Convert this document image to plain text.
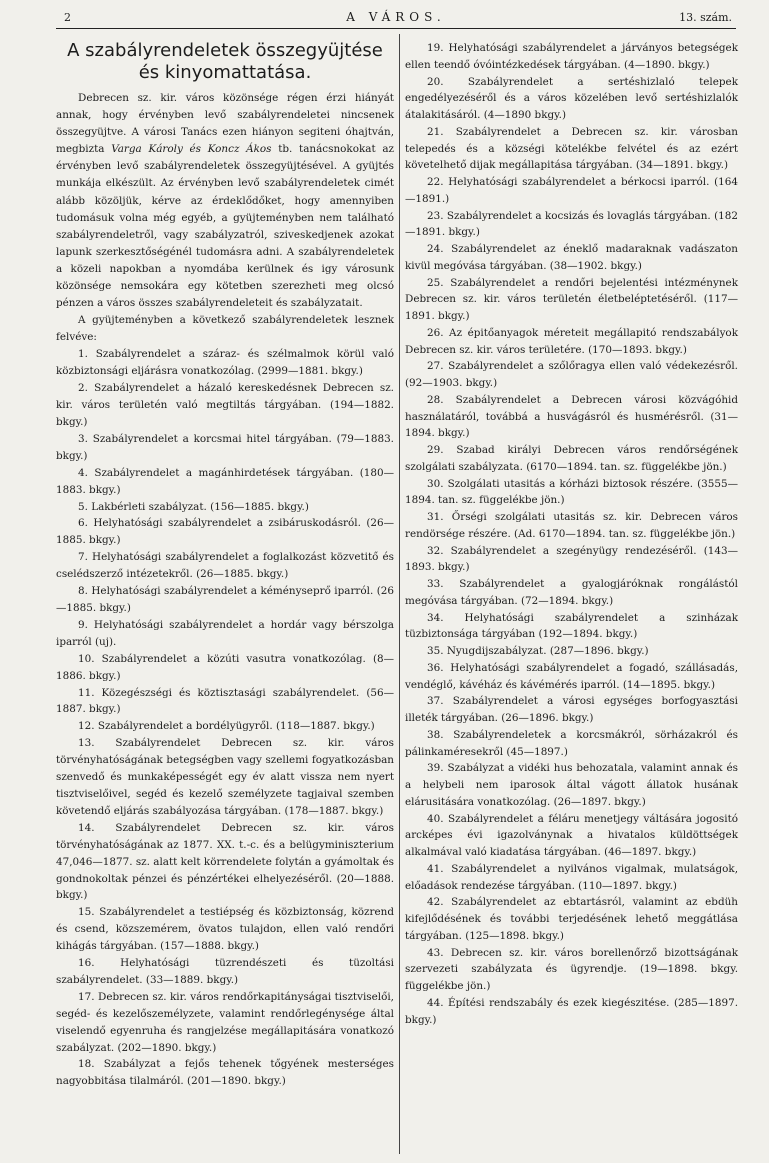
2	A VÁROS.	13. szám.
A szabályrendeletek összegyüjtése és kinyomattatása.

Debrecen sz. kir. város közönsége régen érzi hiányát annak, hogy érvényben levő szabályrendeletei nincsenek összegyüjtve. A városi Tanács ezen hiányon segiteni óhajtván, megbizta Varga Károly és Koncz Ákos tb. tanácsnokokat az érvényben levő szabályrendeletek összegyüjtésével. A gyüjtés munkája elkészült. Az érvényben levő szabályrendeletek cimét alább közöljük, kérve az érdeklődőket, hogy amennyiben tudomásuk volna még egyéb, a gyüjteményben nem található szabályrendeletről, vagy szabályzatról, sziveskedjenek azokat lapunk szerkesztőségénél tudomásra adni. A szabályrendeletek a közeli napokban a nyomdába kerülnek és igy városunk közönsége nemsokára egy kötetben szerezheti meg olcsó pénzen a város összes szabályrendeleteit és szabályzatait.

A gyüjteményben a következő szabályrendeletek lesznek felvéve:

1. Szabályrendelet a száraz- és szélmalmok körül való közbiztonsági eljárásra vonatkozólag. (2999—1881. bkgy.)

2. Szabályrendelet a házaló kereskedésnek Debrecen sz. kir. város területén való megtiltás tárgyában. (194—1882. bkgy.)

3. Szabályrendelet a korcsmai hitel tárgyában. (79—1883. bkgy.)

4. Szabályrendelet a magánhirdetések tárgyában. (180—1883. bkgy.)

5. Lakbérleti szabályzat. (156—1885. bkgy.)

6. Helyhatósági szabályrendelet a zsibáruskodásról. (26—1885. bkgy.)

7. Helyhatósági szabályrendelet a foglalkozást közvetitő és cselédszerző intézetekről. (26—1885. bkgy.)

8. Helyhatósági szabályrendelet a kéményseprő iparról. (26—1885. bkgy.)

9. Helyhatósági szabályrendelet a hordár vagy bérszolga iparról (uj).

10. Szabályrendelet a közúti vasutra vonatkozólag. (8—1886. bkgy.)

11. Közegészségi és köztisztasági szabályrendelet. (56—1887. bkgy.)

12. Szabályrendelet a bordélyügyről. (118—1887. bkgy.)

13. Szabályrendelet Debrecen sz. kir. város törvényhatóságának betegségben vagy szellemi fogyatkozásban szenvedő és munkaképességét egy év alatt vissza nem nyert tisztviselőivel, segéd és kezelő személyzete tagjaival szemben követendő eljárás szabályozása tárgyában. (178—1887. bkgy.)

14. Szabályrendelet Debrecen sz. kir. város törvényhatóságának az 1877. XX. t.-c. és a belügyminiszterium 47,046—1877. sz. alatt kelt körrendelete folytán a gyámoltak és gondnokoltak pénzei és pénzértékei elhelyezéséről. (20—1888. bkgy.)

15. Szabályrendelet a testiépség és közbiztonság, közrend és csend, közszemérem, övatos tulajdon, ellen való rendőri kihágás tárgyában. (157—1888. bkgy.)

16. Helyhatósági tüzrendészeti és tüzoltási szabályrendelet. (33—1889. bkgy.)

17. Debrecen sz. kir. város rendőrkapitányságai tisztviselői, segéd- és kezelőszemélyzete, valamint rendőrlegénysége által viselendő egyenruha és rangjelzése megállapitására vonatkozó szabályzat. (202—1890. bkgy.)

18. Szabályzat a fejős tehenek tőgyének mesterséges nagyobbitása tilalmáról. (201—1890. bkgy.)

19. Helyhatósági szabályrendelet a járványos betegségek ellen teendő óvóintézkedések tárgyában. (4—1890. bkgy.)

20. Szabályrendelet a sertéshizlaló telepek engedélyezéséről és a város közelében levő sertéshizlalók átalakitásáról. (4—1890 bkgy.)

21. Szabályrendelet a Debrecen sz. kir. városban telepedés és a községi kötelékbe felvétel és az ezért követelhető dijak megállapitása tárgyában. (34—1891. bkgy.)

22. Helyhatósági szabályrendelet a bérkocsi iparról. (164—1891.)

23. Szabályrendelet a kocsizás és lovaglás tárgyában. (182—1891. bkgy.)

24. Szabályrendelet az éneklő madaraknak vadászaton kivül megóvása tárgyában. (38—1902. bkgy.)

25. Szabályrendelet a rendőri bejelentési intézménynek Debrecen sz. kir. város területén életbeléptetéséről. (117—1891. bkgy.)

26. Az épitőanyagok méreteit megállapitó rendszabályok Debrecen sz. kir. város területére. (170—1893. bkgy.)

27. Szabályrendelet a szőlőragya ellen való védekezésről. (92—1903. bkgy.)

28. Szabályrendelet a Debrecen városi közvágóhid használatáról, továbbá a husvágásról és husmérésről. (31—1894. bkgy.)

29. Szabad királyi Debrecen város rendőrségének szolgálati szabályzata. (6170—1894. tan. sz. függelékbe jön.)

30. Szolgálati utasitás a kórházi biztosok részére. (3555—1894. tan. sz. függelékbe jön.)

31. Őrségi szolgálati utasitás sz. kir. Debrecen város rendörsége részére. (Ad. 6170—1894. tan. sz. függelékbe jön.)

32. Szabályrendelet a szegényügy rendezéséről. (143—1893. bkgy.)

33. Szabályrendelet a gyalogjáróknak rongálástól megóvása tárgyában. (72—1894. bkgy.)

34. Helyhatósági szabályrendelet a szinházak tüzbiztonsága tárgyában (192—1894. bkgy.)

35. Nyugdijszabályzat. (287—1896. bkgy.)

36. Helyhatósági szabályrendelet a fogadó, szállásadás, vendéglő, kávéház és kávémérés iparról. (14—1895. bkgy.)

37. Szabályrendelet a városi egységes borfogyasztási illeték tárgyában. (26—1896. bkgy.)

38. Szabályrendeletek a korcsmákról, sörházakról és pálinkaméresekről (45—1897.)

39. Szabályzat a vidéki hus behozatala, valamint annak és a helybeli nem iparosok által vágott állatok husának elárusitására vonatkozólag. (26—1897. bkgy.)

40. Szabályrendelet a féláru menetjegy váltására jogositó arcképes évi igazolványnak a hivatalos küldöttségek alkalmával való kiadatása tárgyában. (46—1897. bkgy.)

41. Szabályrendelet a nyilvános vigalmak, mulatságok, előadások rendezése tárgyában. (110—1897. bkgy.)

42. Szabályrendelet az ebtartásról, valamint az ebdüh kifejlődésének és további terjedésének lehető meggátlása tárgyában. (125—1898. bkgy.)

43. Debrecen sz. kir. város borellenőrző bizottságának szervezeti szabályzata és ügyrendje. (19—1898. bkgy. függelékbe jön.)

44. Építési rendszabály és ezek kiegészitése. (285—1897. bkgy.)
